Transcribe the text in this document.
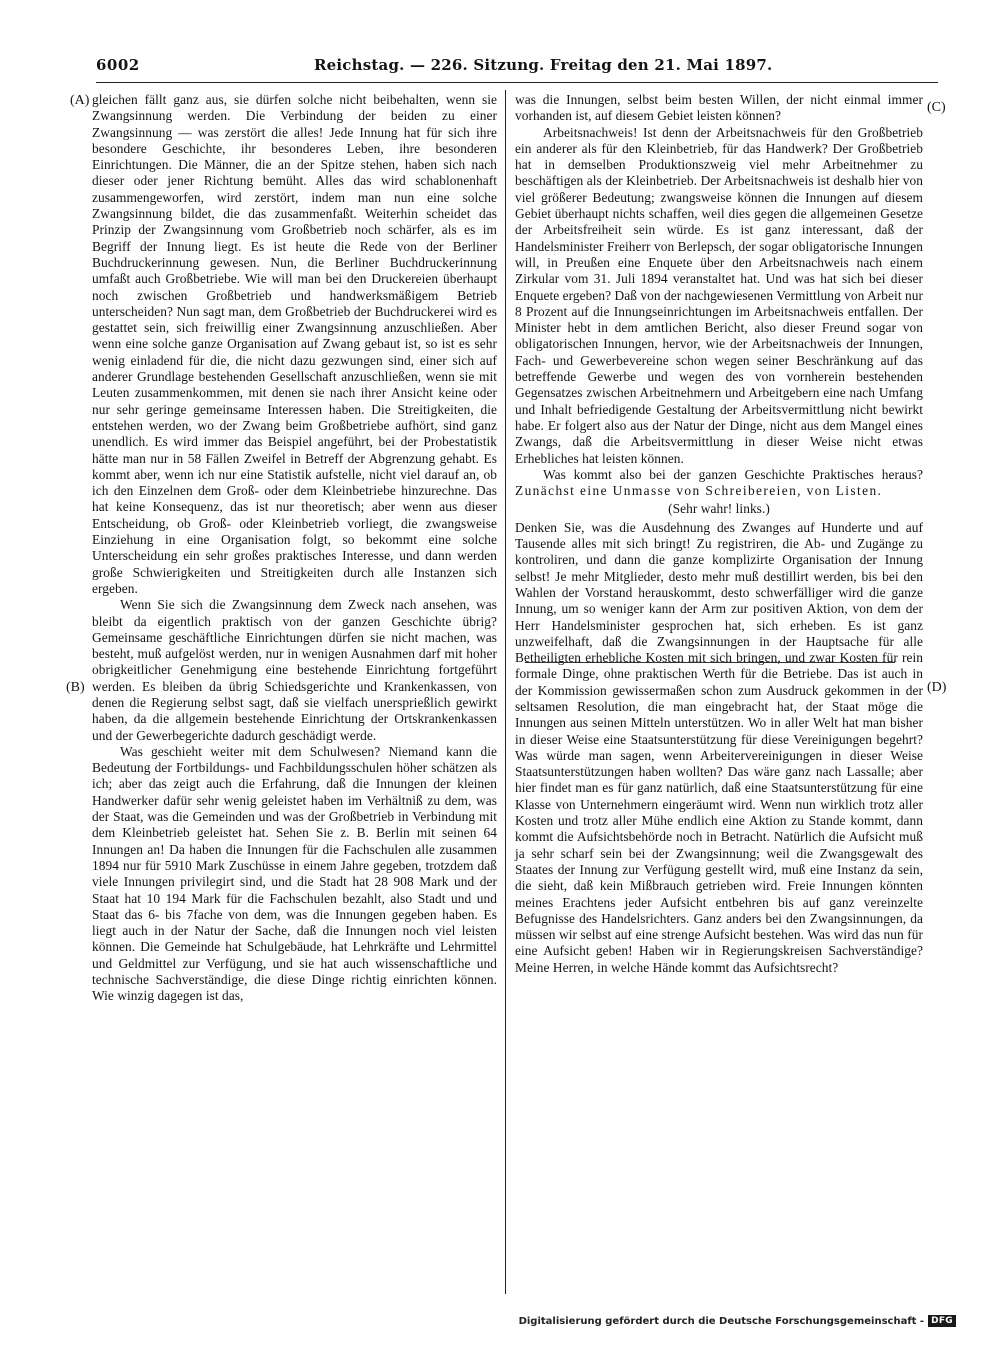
6002	Reichstag. — 226. Sitzung. Freitag den 21. Mai 1897.
(A)
(B)
(C)
(D)

gleichen fällt ganz aus, sie dürfen solche nicht beibehalten, wenn sie Zwangsinnung werden. Die Verbindung der beiden zu einer Zwangsinnung — was zerstört die alles! Jede Innung hat für sich ihre besondere Geschichte, ihr besonderes Leben, ihre besonderen Einrichtungen. Die Männer, die an der Spitze stehen, haben sich nach dieser oder jener Richtung bemüht. Alles das wird schablonenhaft zusammengeworfen, wird zerstört, indem man nun eine solche Zwangsinnung bildet, die das zusammenfaßt. Weiterhin scheidet das Prinzip der Zwangsinnung vom Großbetrieb noch schärfer, als es im Begriff der Innung liegt. Es ist heute die Rede von der Berliner Buchdruckerinnung gewesen. Nun, die Berliner Buchdruckerinnung umfaßt auch Großbetriebe. Wie will man bei den Druckereien überhaupt noch zwischen Großbetrieb und handwerksmäßigem Betrieb unterscheiden? Nun sagt man, dem Großbetrieb der Buchdruckerei wird es gestattet sein, sich freiwillig einer Zwangsinnung anzuschließen. Aber wenn eine solche ganze Organisation auf Zwang gebaut ist, so ist es sehr wenig einladend für die, die nicht dazu gezwungen sind, einer sich auf anderer Grundlage bestehenden Gesellschaft anzuschließen, wenn sie mit Leuten zusammenkommen, mit denen sie nach ihrer Ansicht keine oder nur sehr geringe gemeinsame Interessen haben. Die Streitigkeiten, die entstehen werden, wo der Zwang beim Großbetriebe aufhört, sind ganz unendlich. Es wird immer das Beispiel angeführt, bei der Probestatistik hätte man nur in 58 Fällen Zweifel in Betreff der Abgrenzung gehabt. Es kommt aber, wenn ich nur eine Statistik aufstelle, nicht viel darauf an, ob ich den Einzelnen dem Groß- oder dem Kleinbetriebe hinzurechne. Das hat keine Konsequenz, das ist nur theoretisch; aber wenn aus dieser Entscheidung, ob Groß- oder Kleinbetrieb vorliegt, die zwangsweise Einziehung in eine Organisation folgt, so bekommt eine solche Unterscheidung ein sehr großes praktisches Interesse, und dann werden große Schwierigkeiten und Streitigkeiten durch alle Instanzen sich ergeben.

Wenn Sie sich die Zwangsinnung dem Zweck nach ansehen, was bleibt da eigentlich praktisch von der ganzen Geschichte übrig? Gemeinsame geschäftliche Einrichtungen dürfen sie nicht machen, was besteht, muß aufgelöst werden, nur in wenigen Ausnahmen darf mit hoher obrigkeitlicher Genehmigung eine bestehende Einrichtung fortgeführt werden. Es bleiben da übrig Schiedsgerichte und Krankenkassen, von denen die Regierung selbst sagt, daß sie vielfach unersprießlich gewirkt haben, da die allgemein bestehende Einrichtung der Ortskrankenkassen und der Gewerbegerichte dadurch geschädigt werde.

Was geschieht weiter mit dem Schulwesen? Niemand kann die Bedeutung der Fortbildungs- und Fachbildungsschulen höher schätzen als ich; aber das zeigt auch die Erfahrung, daß die Innungen der kleinen Handwerker dafür sehr wenig geleistet haben im Verhältniß zu dem, was der Staat, was die Gemeinden und was der Großbetrieb in Verbindung mit dem Kleinbetrieb geleistet hat. Sehen Sie z. B. Berlin mit seinen 64 Innungen an! Da haben die Innungen für die Fachschulen alle zusammen 1894 nur für 5910 Mark Zuschüsse in einem Jahre gegeben, trotzdem daß viele Innungen privilegirt sind, und die Stadt hat 28 908 Mark und der Staat hat 10 194 Mark für die Fachschulen bezahlt, also Stadt und und Staat das 6- bis 7fache von dem, was die Innungen gegeben haben. Es liegt auch in der Natur der Sache, daß die Innungen noch viel leisten können. Die Gemeinde hat Schulgebäude, hat Lehrkräfte und Lehrmittel und Geldmittel zur Verfügung, und sie hat auch wissenschaftliche und technische Sachverständige, die diese Dinge richtig einrichten können. Wie winzig dagegen ist das,

was die Innungen, selbst beim besten Willen, der nicht einmal immer vorhanden ist, auf diesem Gebiet leisten können?

Arbeitsnachweis! Ist denn der Arbeitsnachweis für den Großbetrieb ein anderer als für den Kleinbetrieb, für das Handwerk? Der Großbetrieb hat in demselben Produktionszweig viel mehr Arbeitnehmer zu beschäftigen als der Kleinbetrieb. Der Arbeitsnachweis ist deshalb hier von viel größerer Bedeutung; zwangsweise können die Innungen auf diesem Gebiet überhaupt nichts schaffen, weil dies gegen die allgemeinen Gesetze der Arbeitsfreiheit sein würde. Es ist ganz interessant, daß der Handelsminister Freiherr von Berlepsch, der sogar obligatorische Innungen will, in Preußen eine Enquete über den Arbeitsnachweis nach einem Zirkular vom 31. Juli 1894 veranstaltet hat. Und was hat sich bei dieser Enquete ergeben? Daß von der nachgewiesenen Vermittlung von Arbeit nur 8 Prozent auf die Innungseinrichtungen im Arbeitsnachweis entfallen. Der Minister hebt in dem amtlichen Bericht, also dieser Freund sogar von obligatorischen Innungen, hervor, wie der Arbeitsnachweis der Innungen, Fach- und Gewerbevereine schon wegen seiner Beschränkung auf das betreffende Gewerbe und wegen des von vornherein bestehenden Gegensatzes zwischen Arbeitnehmern und Arbeitgebern eine nach Umfang und Inhalt befriedigende Gestaltung der Arbeitsvermittlung nicht bewirkt habe. Er folgert also aus der Natur der Dinge, nicht aus dem Mangel eines Zwangs, daß die Arbeitsvermittlung in dieser Weise nicht etwas Erhebliches hat leisten können.

Was kommt also bei der ganzen Geschichte Praktisches heraus? Zunächst eine Unmasse von Schreibereien, von Listen.

(Sehr wahr! links.)

Denken Sie, was die Ausdehnung des Zwanges auf Hunderte und auf Tausende alles mit sich bringt! Zu registriren, die Ab- und Zugänge zu kontroliren, und dann die ganze komplizirte Organisation der Innung selbst! Je mehr Mitglieder, desto mehr muß destillirt werden, bis bei den Wahlen der Vorstand herauskommt, desto schwerfälliger wird die ganze Innung, um so weniger kann der Arm zur positiven Aktion, von dem der Herr Handelsminister gesprochen hat, sich erheben. Es ist ganz unzweifelhaft, daß die Zwangsinnungen in der Hauptsache für alle Betheiligten erhebliche Kosten mit sich bringen, und zwar Kosten für rein formale Dinge, ohne praktischen Werth für die Betriebe. Das ist auch in der Kommission gewissermaßen schon zum Ausdruck gekommen in der seltsamen Resolution, die man eingebracht hat, der Staat möge die Innungen aus seinen Mitteln unterstützen. Wo in aller Welt hat man bisher in dieser Weise eine Staatsunterstützung für diese Vereinigungen begehrt? Was würde man sagen, wenn Arbeitervereinigungen in dieser Weise Staatsunterstützungen haben wollten? Das wäre ganz nach Lassalle; aber hier findet man es für ganz natürlich, daß eine Staatsunterstützung für eine Klasse von Unternehmern eingeräumt wird. Wenn nun wirklich trotz aller Kosten und trotz aller Mühe endlich eine Aktion zu Stande kommt, dann kommt die Aufsichtsbehörde noch in Betracht. Natürlich die Aufsicht muß ja sehr scharf sein bei der Zwangsinnung; weil die Zwangsgewalt des Staates der Innung zur Verfügung gestellt wird, muß eine Instanz da sein, die sieht, daß kein Mißbrauch getrieben wird. Freie Innungen könnten meines Erachtens jeder Aufsicht entbehren bis auf ganz vereinzelte Befugnisse des Handelsrichters. Ganz anders bei den Zwangsinnungen, da müssen wir selbst auf eine strenge Aufsicht bestehen. Was wird das nun für eine Aufsicht geben! Haben wir in Regierungskreisen Sachverständige? Meine Herren, in welche Hände kommt das Aufsichtsrecht?

Digitalisierung gefördert durch die Deutsche Forschungsgemeinschaft - DFG
